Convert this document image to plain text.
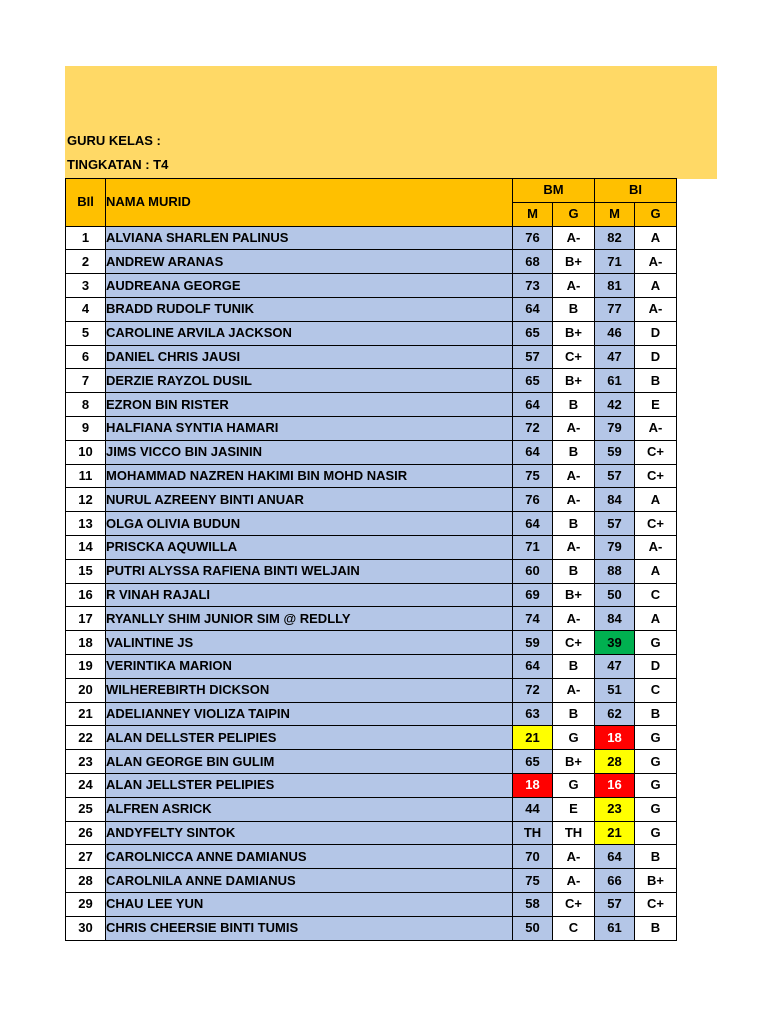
GURU KELAS :
TINGKATAN : T4
BIl	NAMA MURID	BM		BI	
		M	G	M	G
1	ALVIANA SHARLEN PALINUS	76	A-	82	A
2	ANDREW ARANAS	68	B+	71	A-
3	AUDREANA GEORGE	73	A-	81	A
4	BRADD RUDOLF TUNIK	64	B	77	A-
5	CAROLINE ARVILA JACKSON	65	B+	46	D
6	DANIEL CHRIS JAUSI	57	C+	47	D
7	DERZIE RAYZOL DUSIL	65	B+	61	B
8	EZRON BIN RISTER	64	B	42	E
9	HALFIANA SYNTIA HAMARI	72	A-	79	A-
10	JIMS VICCO BIN JASININ	64	B	59	C+
11	MOHAMMAD NAZREN HAKIMI BIN MOHD NASIR	75	A-	57	C+
12	NURUL AZREENY BINTI ANUAR	76	A-	84	A
13	OLGA OLIVIA BUDUN	64	B	57	C+
14	PRISCKA AQUWILLA	71	A-	79	A-
15	PUTRI ALYSSA RAFIENA BINTI WELJAIN	60	B	88	A
16	R VINAH RAJALI	69	B+	50	C
17	RYANLLY SHIM JUNIOR SIM @ REDLLY	74	A-	84	A
18	VALINTINE JS	59	C+	39	G
19	VERINTIKA MARION	64	B	47	D
20	WILHEREBIRTH DICKSON	72	A-	51	C
21	ADELIANNEY VIOLIZA TAIPIN	63	B	62	B
22	ALAN DELLSTER PELIPIES	21	G	18	G
23	ALAN GEORGE BIN GULIM	65	B+	28	G
24	ALAN JELLSTER PELIPIES	18	G	16	G
25	ALFREN ASRICK	44	E	23	G
26	ANDYFELTY SINTOK	TH	TH	21	G
27	CAROLNICCA ANNE DAMIANUS	70	A-	64	B
28	CAROLNILA ANNE DAMIANUS	75	A-	66	B+
29	CHAU LEE YUN	58	C+	57	C+
30	CHRIS CHEERSIE BINTI TUMIS	50	C	61	B
